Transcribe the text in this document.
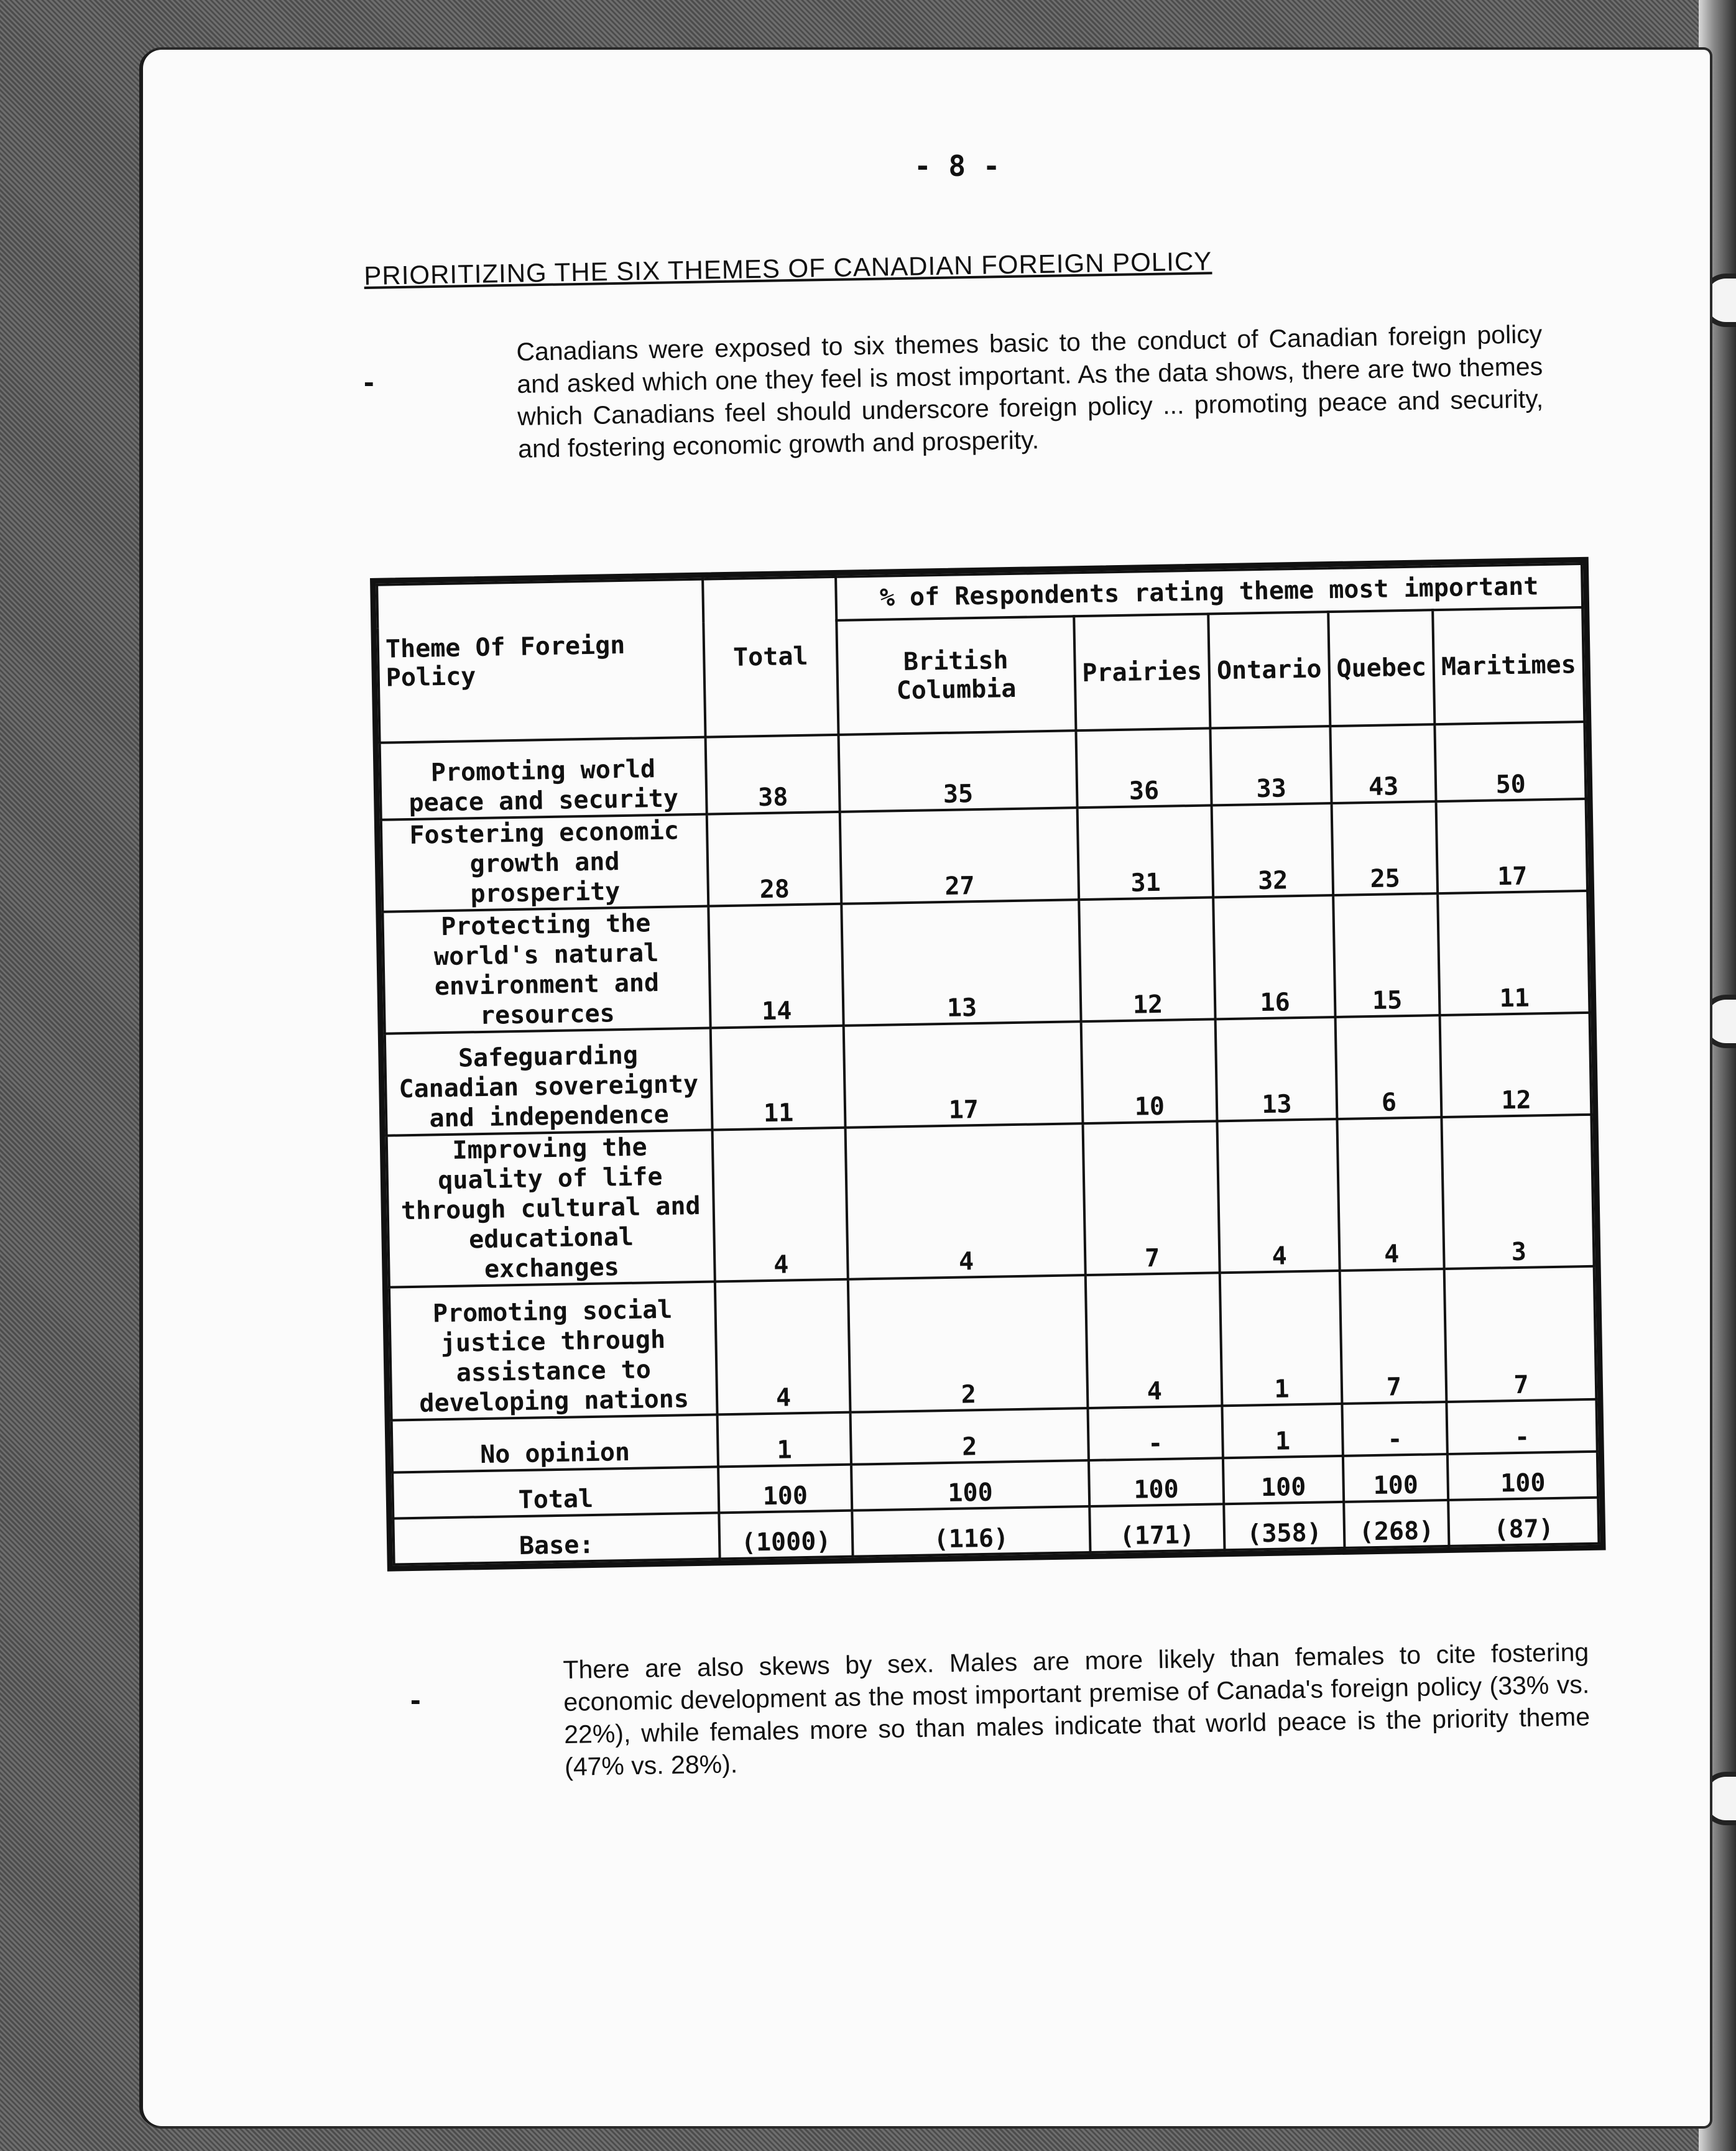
- 8 -
PRIORITIZING THE SIX THEMES OF CANADIAN FOREIGN POLICY
-
Canadians were exposed to six themes basic to the conduct of Canadian foreign policy and asked which one they feel is most important. As the data shows, there are two themes which Canadians feel should underscore foreign policy ... promoting peace and security, and fostering economic growth and prosperity.
Theme Of Foreign Policy	Total	% of Respondents rating theme most important				
		British Columbia	Prairies	Ontario	Quebec	Maritimes
Promoting world peace and security	38	35	36	33	43	50
Fostering economic growth and prosperity	28	27	31	32	25	17
Protecting the world's natural environment and resources	14	13	12	16	15	11
Safeguarding Canadian sovereignty and independence	11	17	10	13	6	12
Improving the quality of life through cultural and educational exchanges	4	4	7	4	4	3
Promoting social justice through assistance to developing nations	4	2	4	1	7	7
No opinion	1	2	-	1	-	-
Total	100	100	100	100	100	100
Base:	(1000)	(116)	(171)	(358)	(268)	(87)
-
There are also skews by sex. Males are more likely than females to cite fostering economic development as the most important premise of Canada's foreign policy (33% vs. 22%), while females more so than males indicate that world peace is the priority theme (47% vs. 28%).
